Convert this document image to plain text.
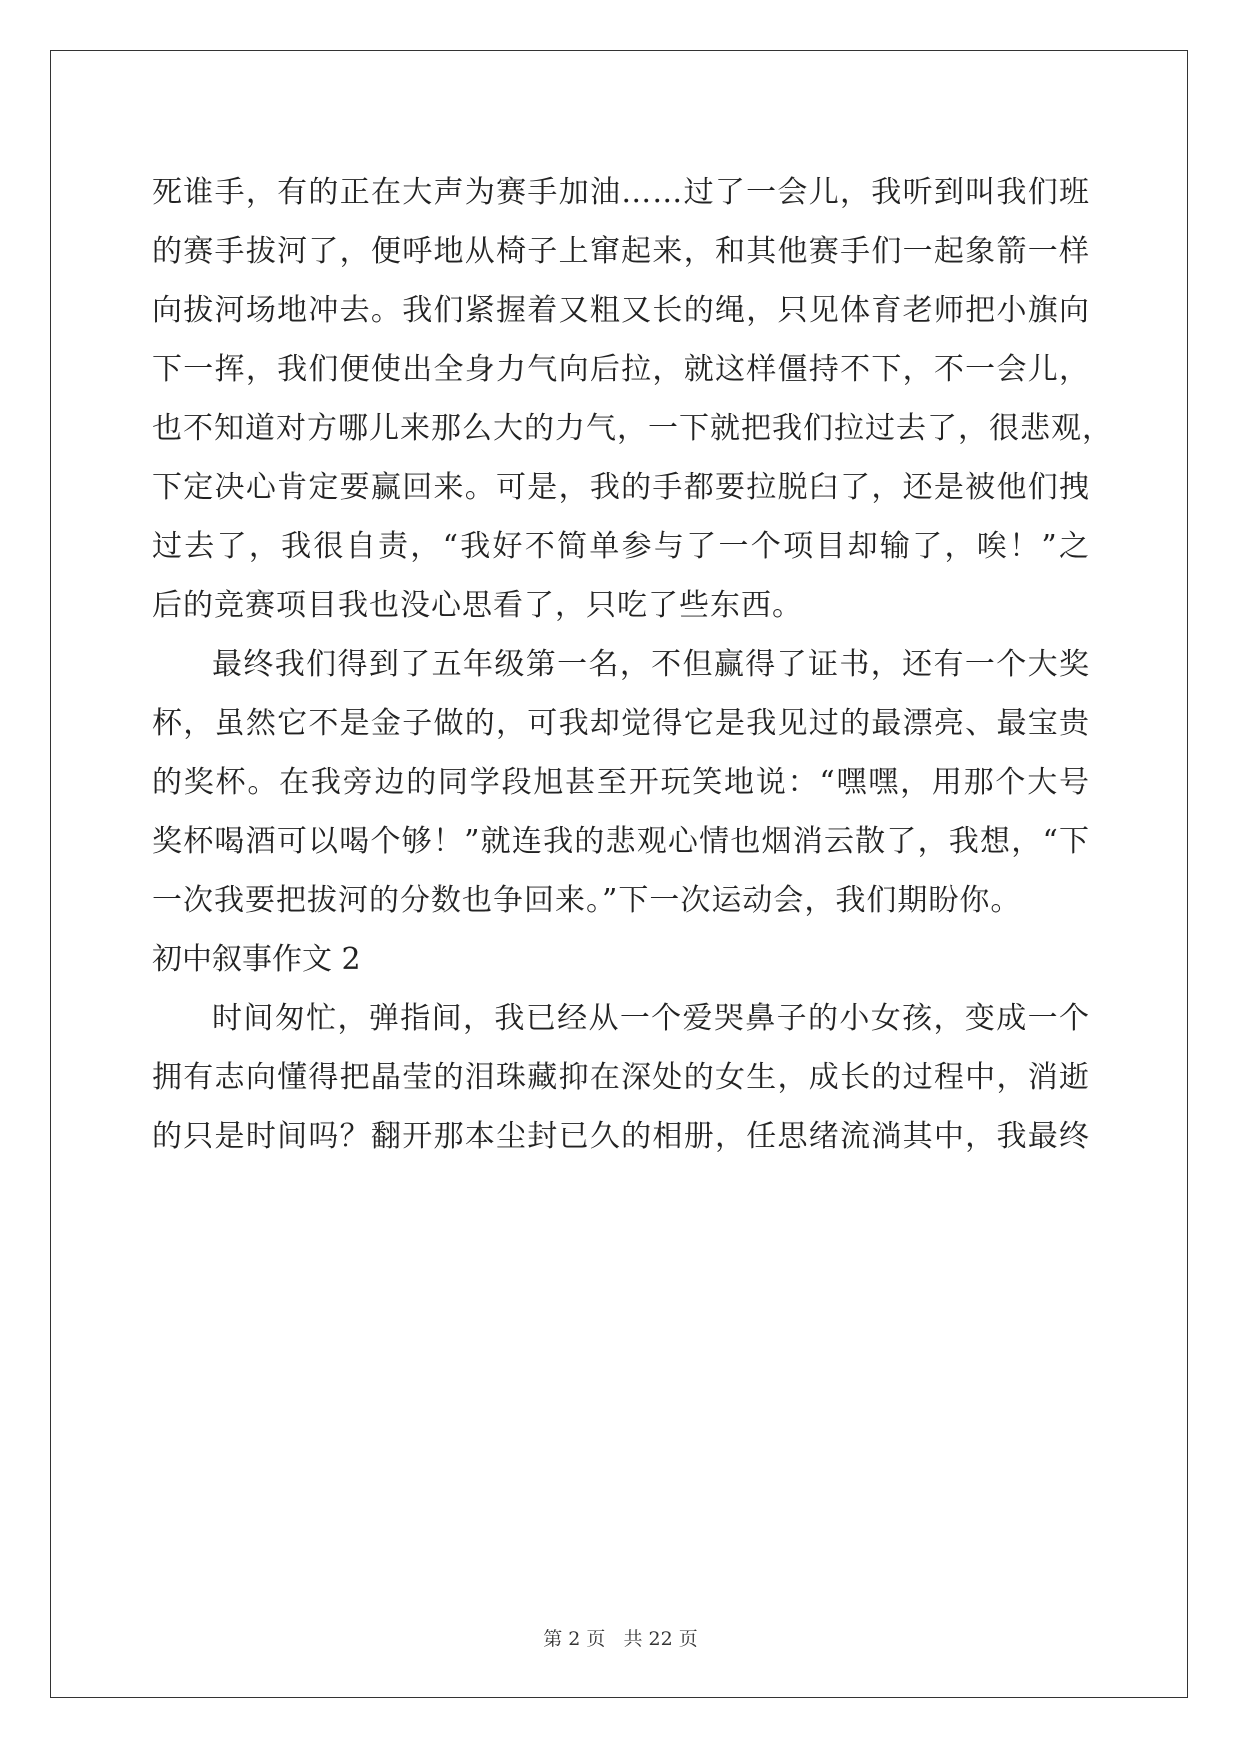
死谁手，有的正在大声为赛手加油……过了一会儿，我听到叫我们班
的赛手拔河了，便呼地从椅子上窜起来，和其他赛手们一起象箭一样
向拔河场地冲去。我们紧握着又粗又长的绳，只见体育老师把小旗向
下一挥，我们便使出全身力气向后拉，就这样僵持不下，不一会儿，
也不知道对方哪儿来那么大的力气，一下就把我们拉过去了，很悲观，
下定决心肯定要赢回来。可是，我的手都要拉脱臼了，还是被他们拽
过去了，我很自责，“我好不简单参与了一个项目却输了，唉！”之
后的竞赛项目我也没心思看了，只吃了些东西。
最终我们得到了五年级第一名，不但赢得了证书，还有一个大奖
杯，虽然它不是金子做的，可我却觉得它是我见过的最漂亮、最宝贵
的奖杯。在我旁边的同学段旭甚至开玩笑地说：“嘿嘿，用那个大号
奖杯喝酒可以喝个够！”就连我的悲观心情也烟消云散了，我想，“下
一次我要把拔河的分数也争回来。”下一次运动会，我们期盼你。
初中叙事作文 2
时间匆忙，弹指间，我已经从一个爱哭鼻子的小女孩，变成一个
拥有志向懂得把晶莹的泪珠藏抑在深处的女生，成长的过程中，消逝
的只是时间吗？翻开那本尘封已久的相册，任思绪流淌其中，我最终
第 2 页 共 22 页
